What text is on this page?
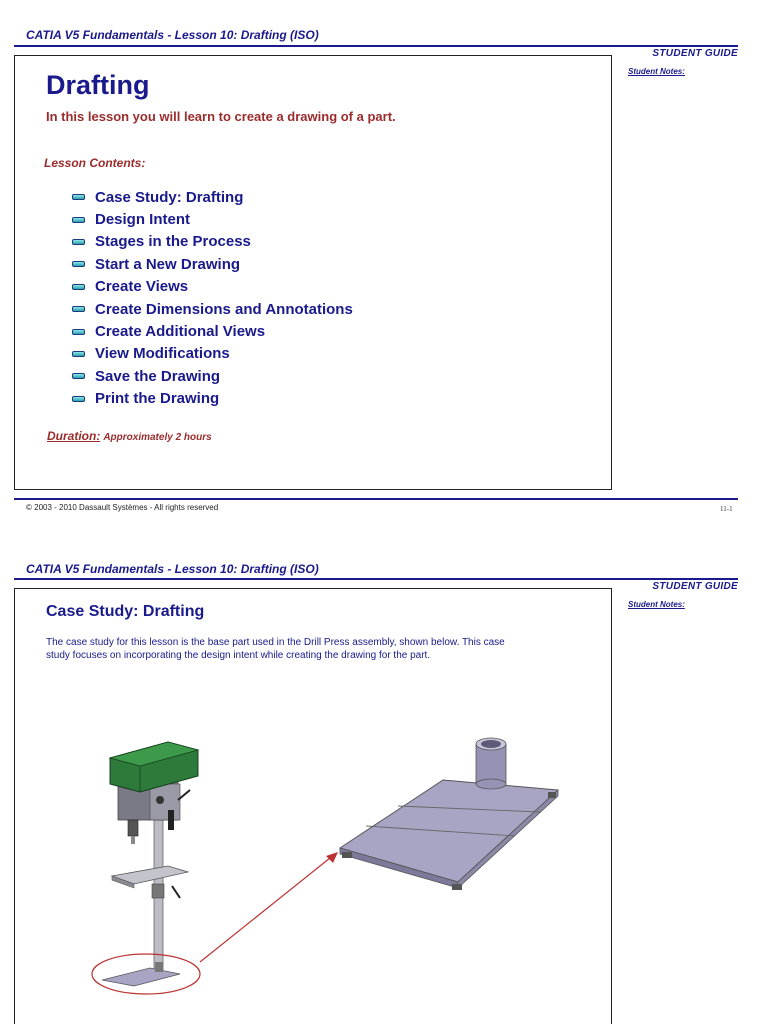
CATIA V5 Fundamentals - Lesson 10: Drafting (ISO)
STUDENT GUIDE
Student Notes:
Drafting
In this lesson you will learn to create a drawing of a part.
Lesson Contents:
Case Study: Drafting
Design Intent
Stages in the Process
Start a New Drawing
Create Views
Create Dimensions and Annotations
Create Additional Views
View Modifications
Save the Drawing
Print the Drawing
Duration: Approximately 2 hours
© 2003 - 2010 Dassault Systèmes - All rights reserved	11-1
CATIA V5 Fundamentals - Lesson 10: Drafting (ISO)
STUDENT GUIDE
Student Notes:
Case Study: Drafting
The case study for this lesson is the base part used in the Drill Press assembly, shown below. This case study focuses on incorporating the design intent while creating the drawing for the part.
